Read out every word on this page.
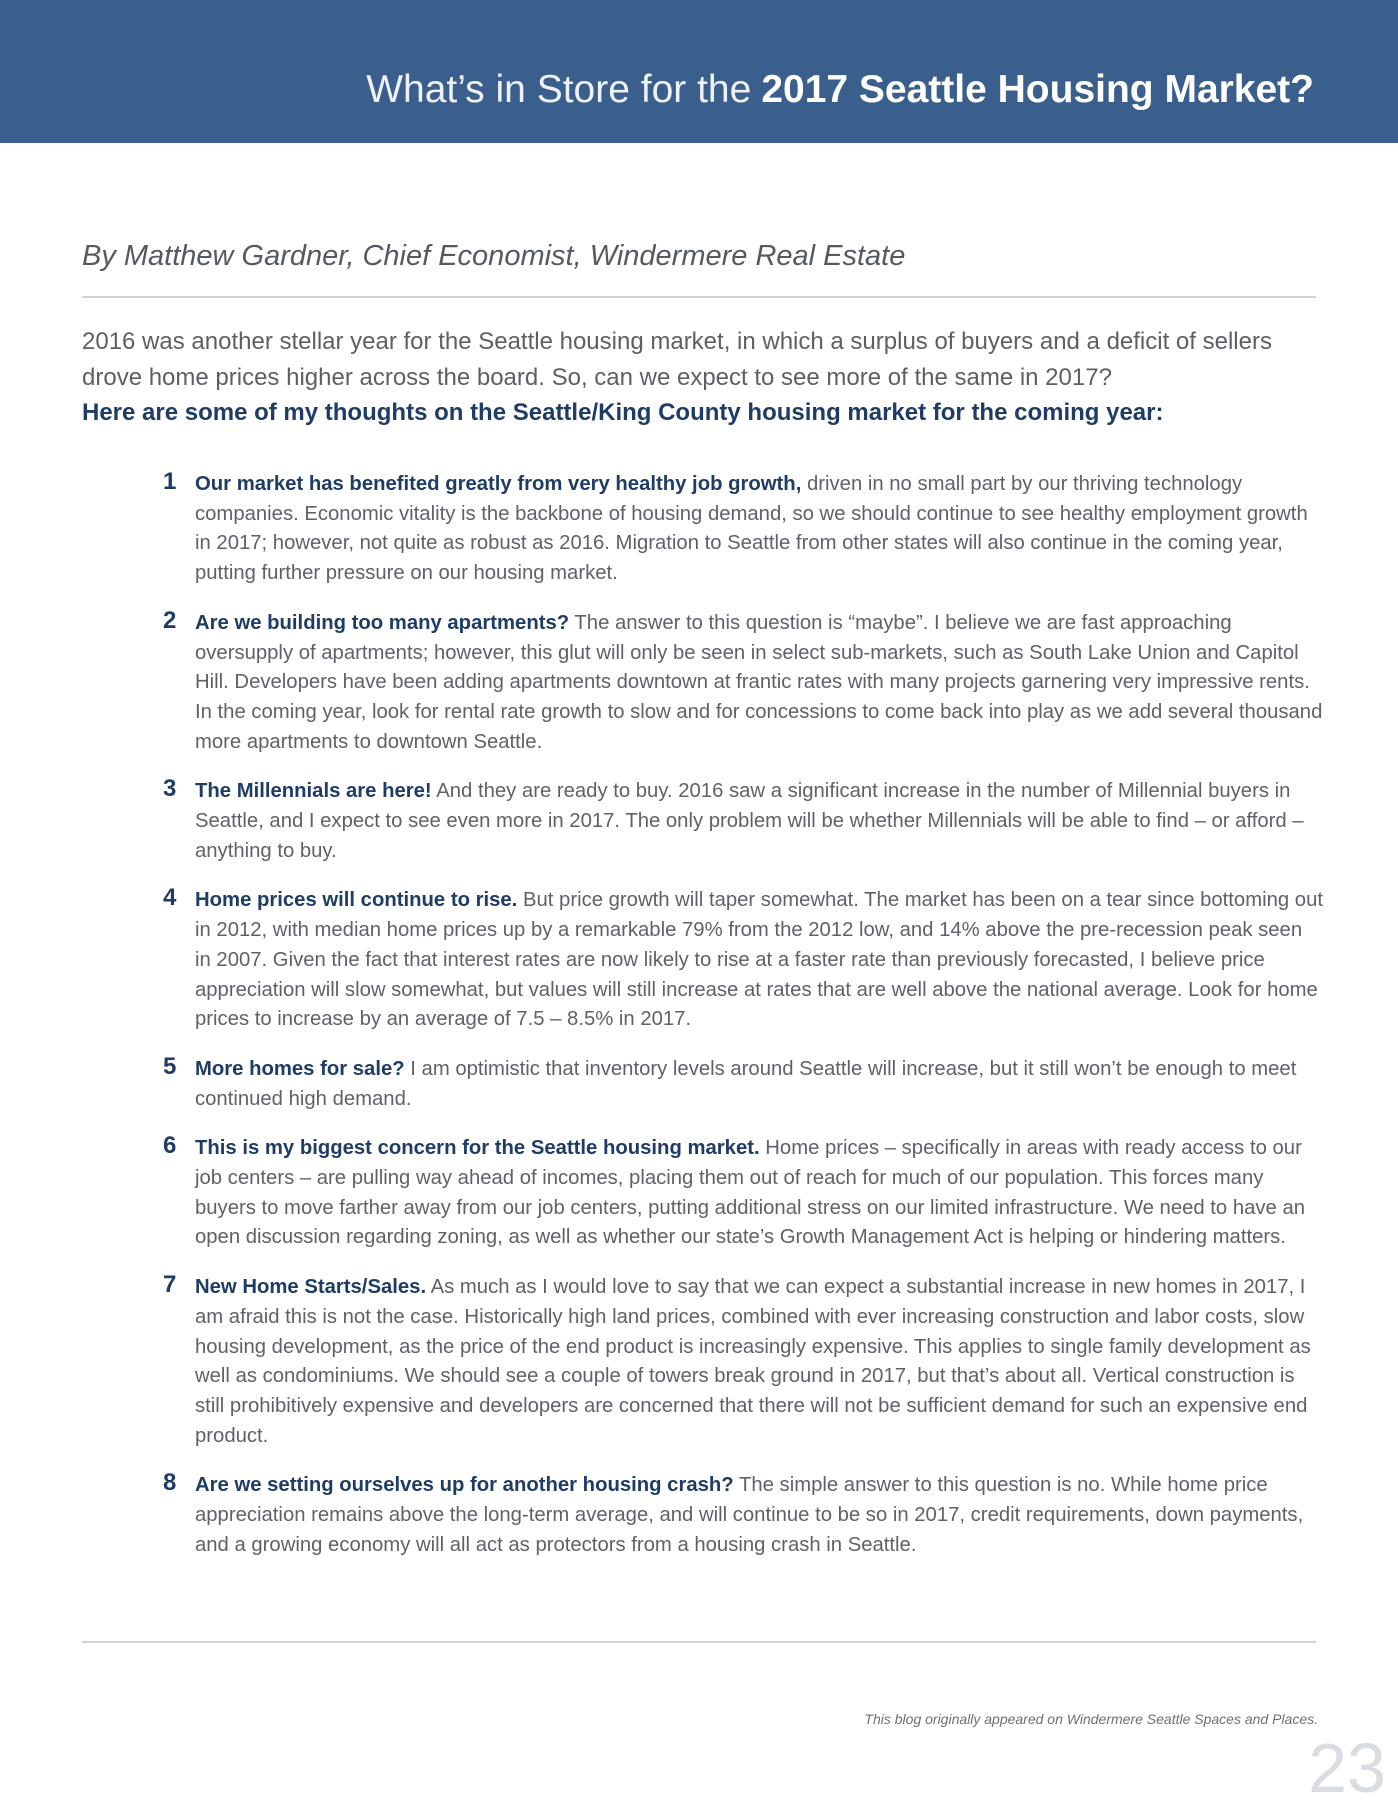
What’s in Store for the 2017 Seattle Housing Market?

By Matthew Gardner, Chief Economist, Windermere Real Estate

2016 was another stellar year for the Seattle housing market, in which a surplus of buyers and a deficit of sellers drove home prices higher across the board. So, can we expect to see more of the same in 2017?

Here are some of my thoughts on the Seattle/King County housing market for the coming year:

1 Our market has benefited greatly from very healthy job growth, driven in no small part by our thriving technology companies. Economic vitality is the backbone of housing demand, so we should continue to see healthy employment growth in 2017; however, not quite as robust as 2016. Migration to Seattle from other states will also continue in the coming year, putting further pressure on our housing market.
2 Are we building too many apartments? The answer to this question is “maybe”. I believe we are fast approaching oversupply of apartments; however, this glut will only be seen in select sub-markets, such as South Lake Union and Capitol Hill. Developers have been adding apartments downtown at frantic rates with many projects garnering very impressive rents. In the coming year, look for rental rate growth to slow and for concessions to come back into play as we add several thousand more apartments to downtown Seattle.
3 The Millennials are here! And they are ready to buy. 2016 saw a significant increase in the number of Millennial buyers in Seattle, and I expect to see even more in 2017. The only problem will be whether Millennials will be able to find – or afford – anything to buy.
4 Home prices will continue to rise. But price growth will taper somewhat. The market has been on a tear since bottoming out in 2012, with median home prices up by a remarkable 79% from the 2012 low, and 14% above the pre-recession peak seen in 2007. Given the fact that interest rates are now likely to rise at a faster rate than previously forecasted, I believe price appreciation will slow somewhat, but values will still increase at rates that are well above the national average. Look for home prices to increase by an average of 7.5 – 8.5% in 2017.
5 More homes for sale? I am optimistic that inventory levels around Seattle will increase, but it still won’t be enough to meet continued high demand.
6 This is my biggest concern for the Seattle housing market. Home prices – specifically in areas with ready access to our job centers – are pulling way ahead of incomes, placing them out of reach for much of our population. This forces many buyers to move farther away from our job centers, putting additional stress on our limited infrastructure. We need to have an open discussion regarding zoning, as well as whether our state’s Growth Management Act is helping or hindering matters.
7 New Home Starts/Sales. As much as I would love to say that we can expect a substantial increase in new homes in 2017, I am afraid this is not the case. Historically high land prices, combined with ever increasing construction and labor costs, slow housing development, as the price of the end product is increasingly expensive. This applies to single family development as well as condominiums. We should see a couple of towers break ground in 2017, but that’s about all. Vertical construction is still prohibitively expensive and developers are concerned that there will not be sufficient demand for such an expensive end product.
8 Are we setting ourselves up for another housing crash? The simple answer to this question is no. While home price appreciation remains above the long-term average, and will continue to be so in 2017, credit requirements, down payments, and a growing economy will all act as protectors from a housing crash in Seattle.

This blog originally appeared on Windermere Seattle Spaces and Places.

23
